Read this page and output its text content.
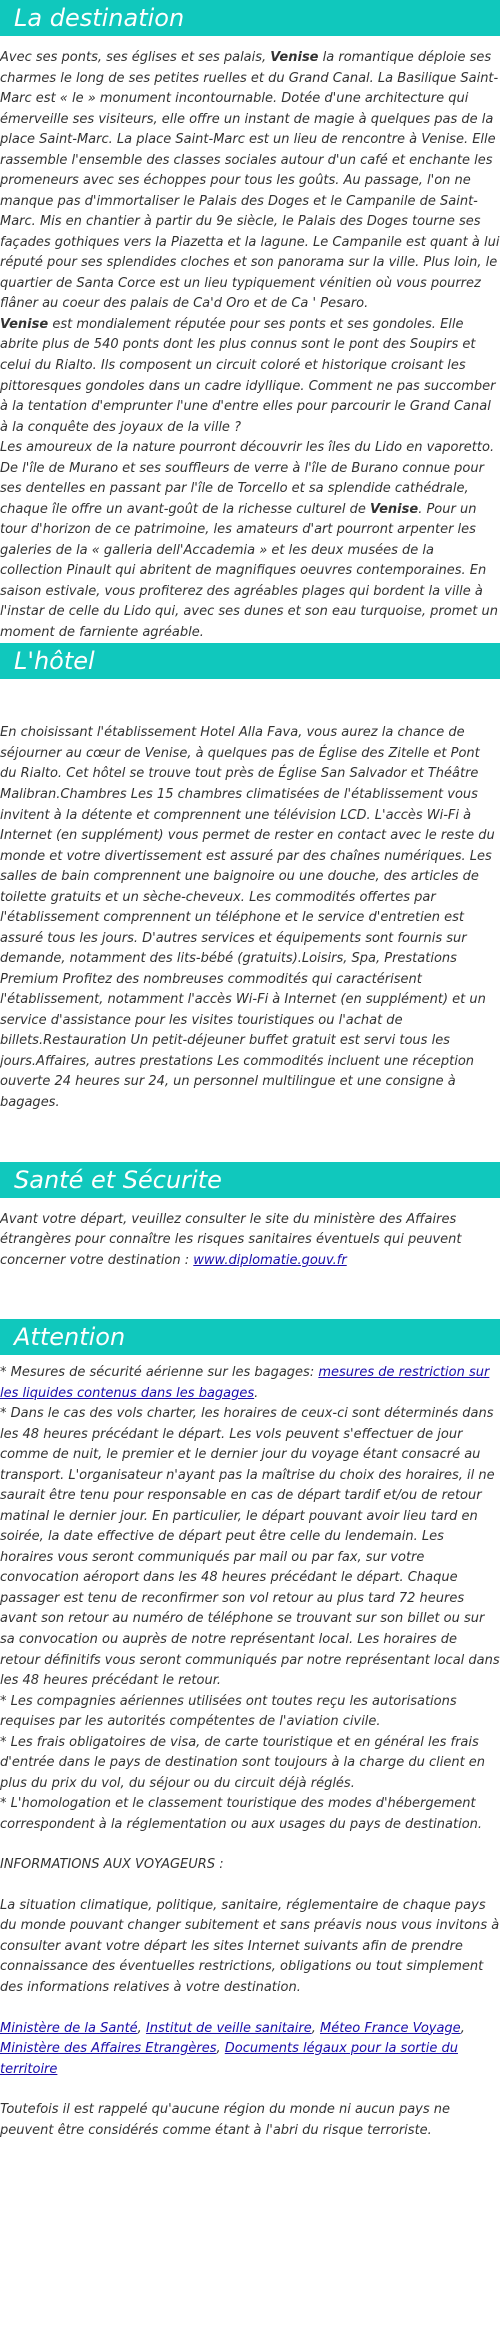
La destination

Avec ses ponts, ses églises et ses palais, Venise la romantique déploie ses charmes le long de ses petites ruelles et du Grand Canal. La Basilique Saint-Marc est « le » monument incontournable. Dotée d'une architecture qui émerveille ses visiteurs, elle offre un instant de magie à quelques pas de la place Saint-Marc. La place Saint-Marc est un lieu de rencontre à Venise. Elle rassemble l'ensemble des classes sociales autour d'un café et enchante les promeneurs avec ses échoppes pour tous les goûts. Au passage, l'on ne manque pas d'immortaliser le Palais des Doges et le Campanile de Saint-Marc. Mis en chantier à partir du 9e siècle, le Palais des Doges tourne ses façades gothiques vers la Piazetta et la lagune. Le Campanile est quant à lui réputé pour ses splendides cloches et son panorama sur la ville. Plus loin, le quartier de Santa Corce est un lieu typiquement vénitien où vous pourrez flâner au coeur des palais de Ca'd Oro et de Ca ' Pesaro.

Venise est mondialement réputée pour ses ponts et ses gondoles. Elle abrite plus de 540 ponts dont les plus connus sont le pont des Soupirs et celui du Rialto. Ils composent un circuit coloré et historique croisant les pittoresques gondoles dans un cadre idyllique. Comment ne pas succomber à la tentation d'emprunter l'une d'entre elles pour parcourir le Grand Canal à la conquête des joyaux de la ville ?

Les amoureux de la nature pourront découvrir les îles du Lido en vaporetto. De l'île de Murano et ses souffleurs de verre à l'île de Burano connue pour ses dentelles en passant par l'île de Torcello et sa splendide cathédrale, chaque île offre un avant-goût de la richesse culturel de Venise. Pour un tour d'horizon de ce patrimoine, les amateurs d'art pourront arpenter les galeries de la « galleria dell'Accademia » et les deux musées de la collection Pinault qui abritent de magnifiques oeuvres contemporaines. En saison estivale, vous profiterez des agréables plages qui bordent la ville à l'instar de celle du Lido qui, avec ses dunes et son eau turquoise, promet un moment de farniente agréable.

L'hôtel

En choisissant l'établissement Hotel Alla Fava, vous aurez la chance de séjourner au cœur de Venise, à quelques pas de Église des Zitelle et Pont du Rialto. Cet hôtel se trouve tout près de Église San Salvador et Théâtre Malibran.Chambres Les 15 chambres climatisées de l'établissement vous invitent à la détente et comprennent une télévision LCD. L'accès Wi-Fi à Internet (en supplément) vous permet de rester en contact avec le reste du monde et votre divertissement est assuré par des chaînes numériques. Les salles de bain comprennent une baignoire ou une douche, des articles de toilette gratuits et un sèche-cheveux. Les commodités offertes par l'établissement comprennent un téléphone et le service d'entretien est assuré tous les jours. D'autres services et équipements sont fournis sur demande, notamment des lits-bébé (gratuits).Loisirs, Spa, Prestations Premium Profitez des nombreuses commodités qui caractérisent l'établissement, notamment l'accès Wi-Fi à Internet (en supplément) et un service d'assistance pour les visites touristiques ou l'achat de billets.Restauration Un petit-déjeuner buffet gratuit est servi tous les jours.Affaires, autres prestations Les commodités incluent une réception ouverte 24 heures sur 24, un personnel multilingue et une consigne à bagages.

Santé et Sécurite

Avant votre départ, veuillez consulter le site du ministère des Affaires étrangères pour connaître les risques sanitaires éventuels qui peuvent concerner votre destination : www.diplomatie.gouv.fr

Attention

* Mesures de sécurité aérienne sur les bagages: mesures de restriction sur les liquides contenus dans les bagages.

* Dans le cas des vols charter, les horaires de ceux-ci sont déterminés dans les 48 heures précédant le départ. Les vols peuvent s'effectuer de jour comme de nuit, le premier et le dernier jour du voyage étant consacré au transport. L'organisateur n'ayant pas la maîtrise du choix des horaires, il ne saurait être tenu pour responsable en cas de départ tardif et/ou de retour matinal le dernier jour. En particulier, le départ pouvant avoir lieu tard en soirée, la date effective de départ peut être celle du lendemain. Les horaires vous seront communiqués par mail ou par fax, sur votre convocation aéroport dans les 48 heures précédant le départ. Chaque passager est tenu de reconfirmer son vol retour au plus tard 72 heures avant son retour au numéro de téléphone se trouvant sur son billet ou sur sa convocation ou auprès de notre représentant local. Les horaires de retour définitifs vous seront communiqués par notre représentant local dans les 48 heures précédant le retour.

* Les compagnies aériennes utilisées ont toutes reçu les autorisations requises par les autorités compétentes de l'aviation civile.

* Les frais obligatoires de visa, de carte touristique et en général les frais d'entrée dans le pays de destination sont toujours à la charge du client en plus du prix du vol, du séjour ou du circuit déjà réglés.

* L'homologation et le classement touristique des modes d'hébergement correspondent à la réglementation ou aux usages du pays de destination.

INFORMATIONS AUX VOYAGEURS :

La situation climatique, politique, sanitaire, réglementaire de chaque pays du monde pouvant changer subitement et sans préavis nous vous invitons à consulter avant votre départ les sites Internet suivants afin de prendre connaissance des éventuelles restrictions, obligations ou tout simplement des informations relatives à votre destination.

Ministère de la Santé, Institut de veille sanitaire, Méteo France Voyage, Ministère des Affaires Etrangères, Documents légaux pour la sortie du territoire

Toutefois il est rappelé qu'aucune région du monde ni aucun pays ne peuvent être considérés comme étant à l'abri du risque terroriste.
